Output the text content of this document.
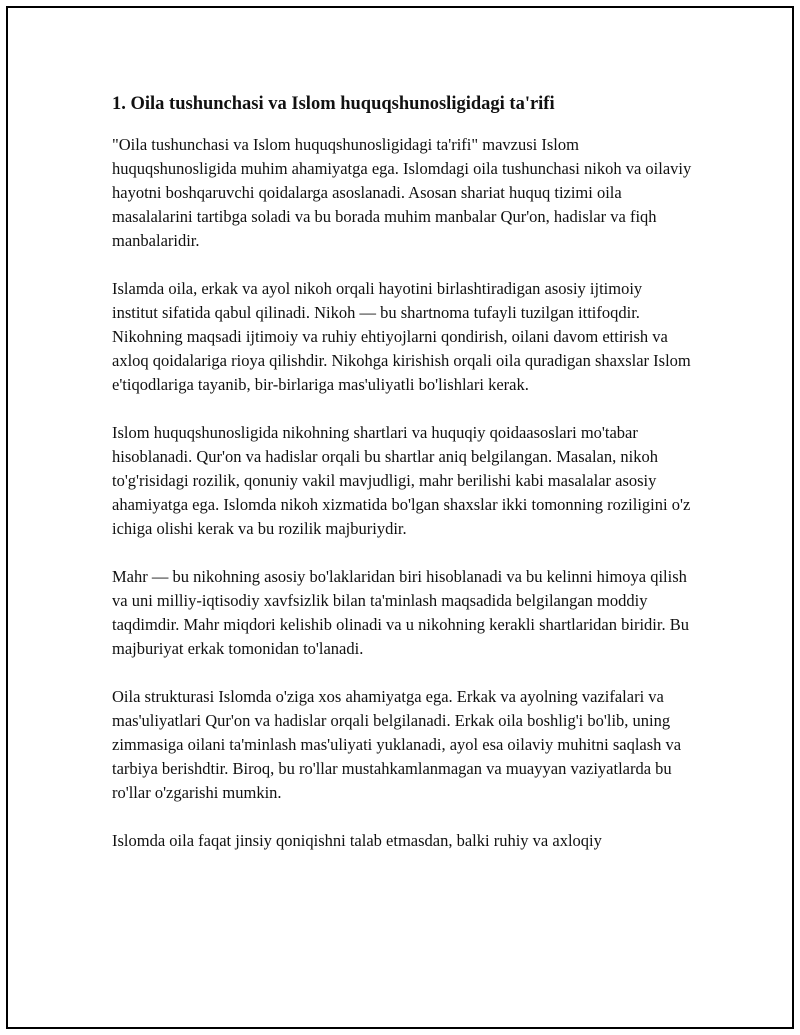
1. Oila tushunchasi va Islom huquqshunosligidagi ta'rifi

"Oila tushunchasi va Islom huquqshunosligidagi ta'rifi" mavzusi Islom huquqshunosligida muhim ahamiyatga ega. Islomdagi oila tushunchasi nikoh va oilaviy hayotni boshqaruvchi qoidalarga asoslanadi. Asosan shariat huquq tizimi oila masalalarini tartibga soladi va bu borada muhim manbalar Qur'on, hadislar va fiqh manbalaridir.

Islamda oila, erkak va ayol nikoh orqali hayotini birlashtiradigan asosiy ijtimoiy institut sifatida qabul qilinadi. Nikoh — bu shartnoma tufayli tuzilgan ittifoqdir. Nikohning maqsadi ijtimoiy va ruhiy ehtiyojlarni qondirish, oilani davom ettirish va axloq qoidalariga rioya qilishdir. Nikohga kirishish orqali oila quradigan shaxslar Islom e'tiqodlariga tayanib, bir-birlariga mas'uliyatli bo'lishlari kerak.

Islom huquqshunosligida nikohning shartlari va huquqiy qoidaasoslari mo'tabar hisoblanadi. Qur'on va hadislar orqali bu shartlar aniq belgilangan. Masalan, nikoh to'g'risidagi rozilik, qonuniy vakil mavjudligi, mahr berilishi kabi masalalar asosiy ahamiyatga ega. Islomda nikoh xizmatida bo'lgan shaxslar ikki tomonning roziligini o'z ichiga olishi kerak va bu rozilik majburiydir.

Mahr — bu nikohning asosiy bo'laklaridan biri hisoblanadi va bu kelinni himoya qilish va uni milliy-iqtisodiy xavfsizlik bilan ta'minlash maqsadida belgilangan moddiy taqdimdir. Mahr miqdori kelishib olinadi va u nikohning kerakli shartlaridan biridir. Bu majburiyat erkak tomonidan to'lanadi.

Oila strukturasi Islomda o'ziga xos ahamiyatga ega. Erkak va ayolning vazifalari va mas'uliyatlari Qur'on va hadislar orqali belgilanadi. Erkak oila boshlig'i bo'lib, uning zimmasiga oilani ta'minlash mas'uliyati yuklanadi, ayol esa oilaviy muhitni saqlash va tarbiya berishdtir. Biroq, bu ro'llar mustahkamlanmagan va muayyan vaziyatlarda bu ro'llar o'zgarishi mumkin.

Islomda oila faqat jinsiy qoniqishni talab etmasdan, balki ruhiy va axloqiy
